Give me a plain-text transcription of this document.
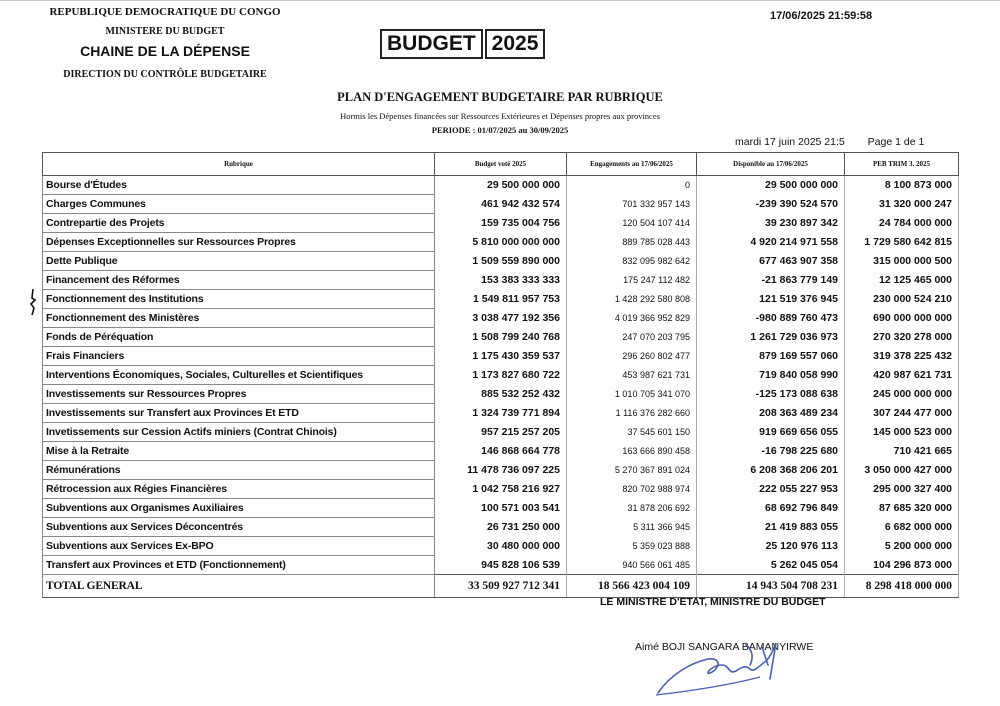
REPUBLIQUE DEMOCRATIQUE DU CONGO
MINISTERE DU BUDGET
CHAINE DE LA DÉPENSE
DIRECTION DU CONTRÔLE BUDGETAIRE
17/06/2025 21:59:58
BUDGET 2025
PLAN D'ENGAGEMENT BUDGETAIRE PAR RUBRIQUE
Hormis les Dépenses financées sur Ressources Extérieures et Dépenses propres aux provinces
PERIODE : 01/07/2025 au 30/09/2025
mardi 17 juin 2025 21:5 Page 1 de 1
Rubrique	Budget voté 2025	Engagements au 17/06/2025	Disponible au 17/06/2025	PEB TRIM 3. 2025
Bourse d'Études	29 500 000 000	0	29 500 000 000	8 100 873 000
Charges Communes	461 942 432 574	701 332 957 143	-239 390 524 570	31 320 000 247
Contrepartie des Projets	159 735 004 756	120 504 107 414	39 230 897 342	24 784 000 000
Dépenses Exceptionnelles sur Ressources Propres	5 810 000 000 000	889 785 028 443	4 920 214 971 558	1 729 580 642 815
Dette Publique	1 509 559 890 000	832 095 982 642	677 463 907 358	315 000 000 500
Financement des Réformes	153 383 333 333	175 247 112 482	-21 863 779 149	12 125 465 000
Fonctionnement des Institutions	1 549 811 957 753	1 428 292 580 808	121 519 376 945	230 000 524 210
Fonctionnement des Ministères	3 038 477 192 356	4 019 366 952 829	-980 889 760 473	690 000 000 000
Fonds de Péréquation	1 508 799 240 768	247 070 203 795	1 261 729 036 973	270 320 278 000
Frais Financiers	1 175 430 359 537	296 260 802 477	879 169 557 060	319 378 225 432
Interventions Économiques, Sociales, Culturelles et Scientifiques	1 173 827 680 722	453 987 621 731	719 840 058 990	420 987 621 731
Investissements sur Ressources Propres	885 532 252 432	1 010 705 341 070	-125 173 088 638	245 000 000 000
Investissements sur Transfert aux Provinces Et ETD	1 324 739 771 894	1 116 376 282 660	208 363 489 234	307 244 477 000
Invetissements sur Cession Actifs miniers (Contrat Chinois)	957 215 257 205	37 545 601 150	919 669 656 055	145 000 523 000
Mise à la Retraite	146 868 664 778	163 666 890 458	-16 798 225 680	710 421 665
Rémunérations	11 478 736 097 225	5 270 367 891 024	6 208 368 206 201	3 050 000 427 000
Rétrocession aux Régies Financières	1 042 758 216 927	820 702 988 974	222 055 227 953	295 000 327 400
Subventions aux Organismes Auxiliaires	100 571 003 541	31 878 206 692	68 692 796 849	87 685 320 000
Subventions aux Services Déconcentrés	26 731 250 000	5 311 366 945	21 419 883 055	6 682 000 000
Subventions aux Services Ex-BPO	30 480 000 000	5 359 023 888	25 120 976 113	5 200 000 000
Transfert aux Provinces et ETD (Fonctionnement)	945 828 106 539	940 566 061 485	5 262 045 054	104 296 873 000
TOTAL GENERAL	33 509 927 712 341	18 566 423 004 109	14 943 504 708 231	8 298 418 000 000
LE MINISTRE D'ETAT, MINISTRE DU BUDGET
Aimé BOJI SANGARA BAMANYIRWE
